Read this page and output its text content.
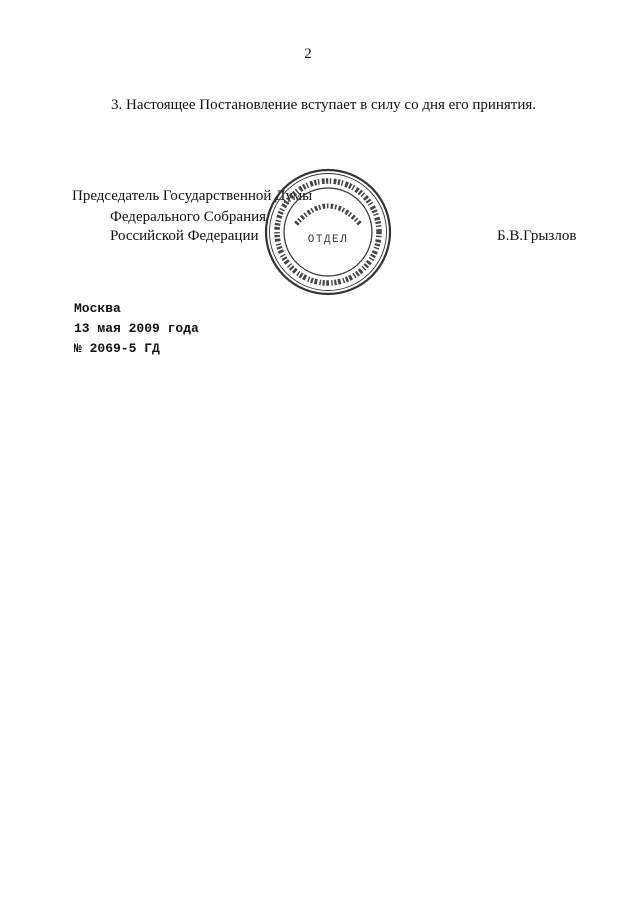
2
3. Настоящее Постановление вступает в силу со дня его принятия.
Председатель Государственной Думы
Федерального Собрания
Российской Федерации	Б.В.Грызлов
ОТДЕЛ
Москва
13 мая 2009 года
№ 2069-5 ГД
